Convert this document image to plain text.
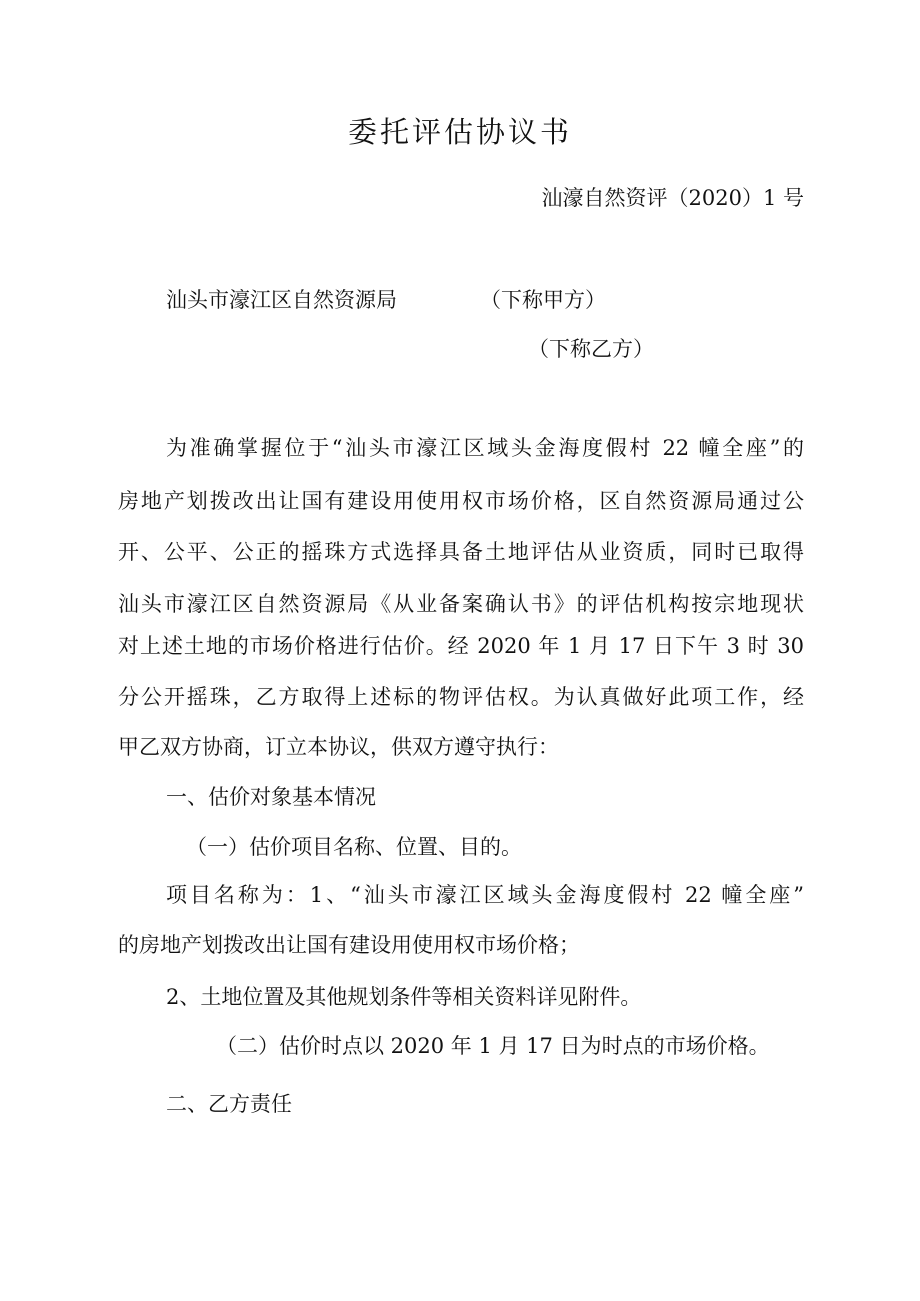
委托评估协议书
汕濠自然资评（2020）1 号
汕头市濠江区自然资源局	（下称甲方）
（下称乙方）
为准确掌握位于“汕头市濠江区域头金海度假村 22 幢全座”的
房地产划拨改出让国有建设用使用权市场价格，区自然资源局通过公
开、公平、公正的摇珠方式选择具备土地评估从业资质，同时已取得
汕头市濠江区自然资源局《从业备案确认书》的评估机构按宗地现状
对上述土地的市场价格进行估价。经 2020 年 1 月 17 日下午 3 时 30
分公开摇珠，乙方取得上述标的物评估权。为认真做好此项工作，经
甲乙双方协商，订立本协议，供双方遵守执行：
一、估价对象基本情况
（一）估价项目名称、位置、目的。
项目名称为：1、“汕头市濠江区域头金海度假村 22 幢全座”
的房地产划拨改出让国有建设用使用权市场价格；
2、土地位置及其他规划条件等相关资料详见附件。
（二）估价时点以 2020 年 1 月 17 日为时点的市场价格。
二、乙方责任
